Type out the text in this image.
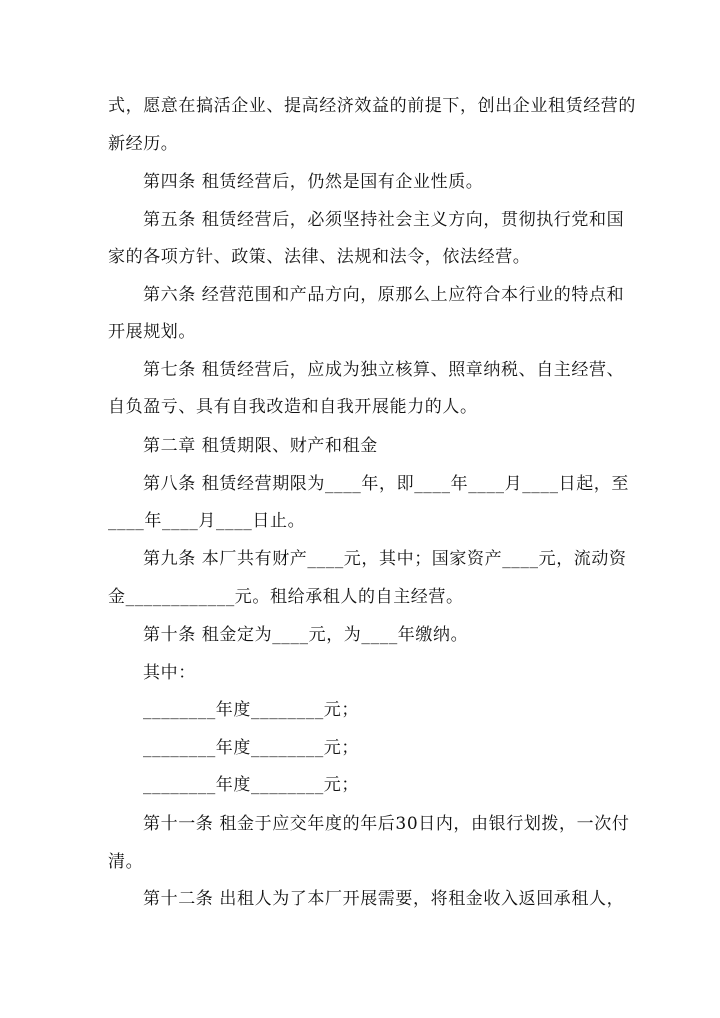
式，愿意在搞活企业、提高经济效益的前提下，创出企业租赁经营的
新经历。
第四条 租赁经营后，仍然是国有企业性质。
第五条 租赁经营后，必须坚持社会主义方向，贯彻执行党和国
家的各项方针、政策、法律、法规和法令，依法经营。
第六条 经营范围和产品方向，原那么上应符合本行业的特点和
开展规划。
第七条 租赁经营后，应成为独立核算、照章纳税、自主经营、
自负盈亏、具有自我改造和自我开展能力的人。
第二章 租赁期限、财产和租金
第八条 租赁经营期限为____年，即____年____月____日起，至
____年____月____日止。
第九条 本厂共有财产____元，其中；国家资产____元，流动资
金____________元。租给承租人的自主经营。
第十条 租金定为____元，为____年缴纳。
其中：
________年度________元；
________年度________元；
________年度________元；
第十一条 租金于应交年度的年后30日内，由银行划拨，一次付
清。
第十二条 出租人为了本厂开展需要，将租金收入返回承租人，
